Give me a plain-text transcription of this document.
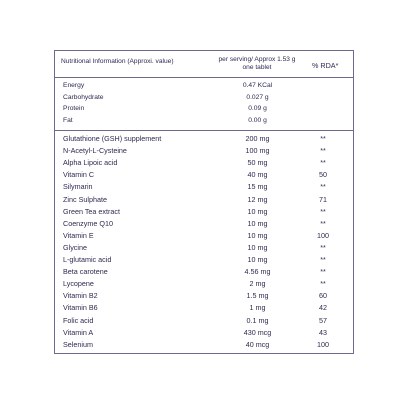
Nutritional Information (Approxi. value)	per serving/ Approx 1.53 g
one tablet	% RDA*
Energy	0.47 KCal
Carbohydrate	0.027 g
Protein	0.09 g
Fat	0.00 g
Glutathione (GSH) supplement	200 mg	**
N-Acetyl-L-Cysteine	100 mg	**
Alpha Lipoic acid	50 mg	**
Vitamin C	40 mg	50
Silymarin	15 mg	**
Zinc Sulphate	12 mg	71
Green Tea extract	10 mg	**
Coenzyme Q10	10 mg	**
Vitamin E	10 mg	100
Glycine	10 mg	**
L-glutamic acid	10 mg	**
Beta carotene	4.56 mg	**
Lycopene	2 mg	**
Vitamin B2	1.5 mg	60
Vitamin B6	1 mg	42
Folic acid	0.1 mg	57
Vitamin A	430 mcg	43
Selenium	40 mcg	100
